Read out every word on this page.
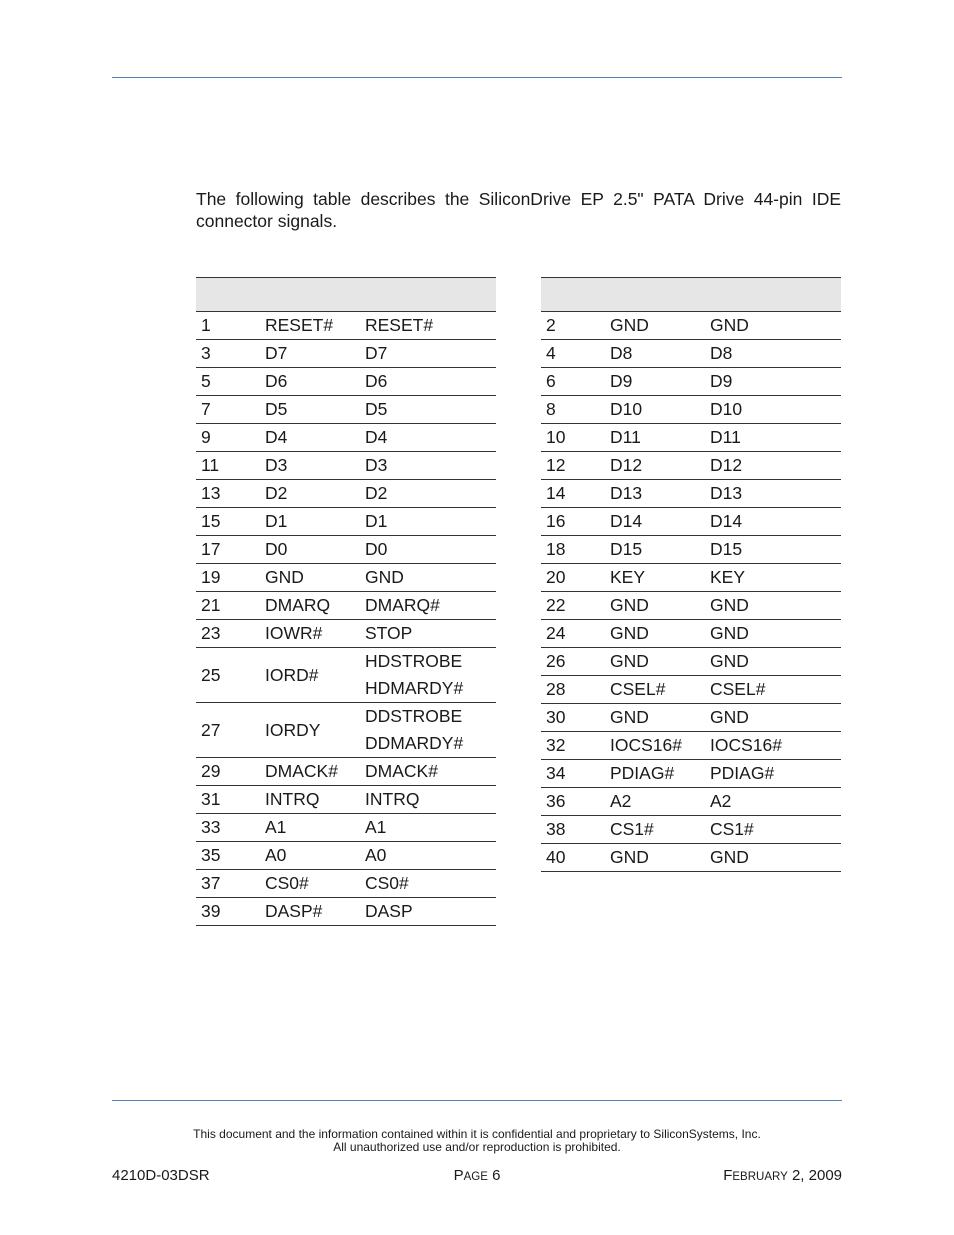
The following table describes the SiliconDrive EP 2.5" PATA Drive 44-pin IDE connector signals.

1	RESET#	RESET#

3	D7	D7

5	D6	D6

7	D5	D5

9	D4	D4

11	D3	D3

13	D2	D2

15	D1	D1

17	D0	D0

19	GND	GND

21	DMARQ	DMARQ#

23	IOWR#	STOP

25	IORD#	HDSTROBE
HDMARDY#

27	IORDY	DDSTROBE
DDMARDY#

29	DMACK#	DMACK#

31	INTRQ	INTRQ

33	A1	A1

35	A0	A0

37	CS0#	CS0#

39	DASP#	DASP

2	GND	GND

4	D8	D8

6	D9	D9

8	D10	D10

10	D11	D11

12	D12	D12

14	D13	D13

16	D14	D14

18	D15	D15

20	KEY	KEY

22	GND	GND

24	GND	GND

26	GND	GND

28	CSEL#	CSEL#

30	GND	GND

32	IOCS16#	IOCS16#

34	PDIAG#	PDIAG#

36	A2	A2

38	CS1#	CS1#

40	GND	GND
This document and the information contained within it is confidential and proprietary to SiliconSystems, Inc.
All unauthorized use and/or reproduction is prohibited.
4210D-03DSR	PAGE 6	FEBRUARY 2, 2009
